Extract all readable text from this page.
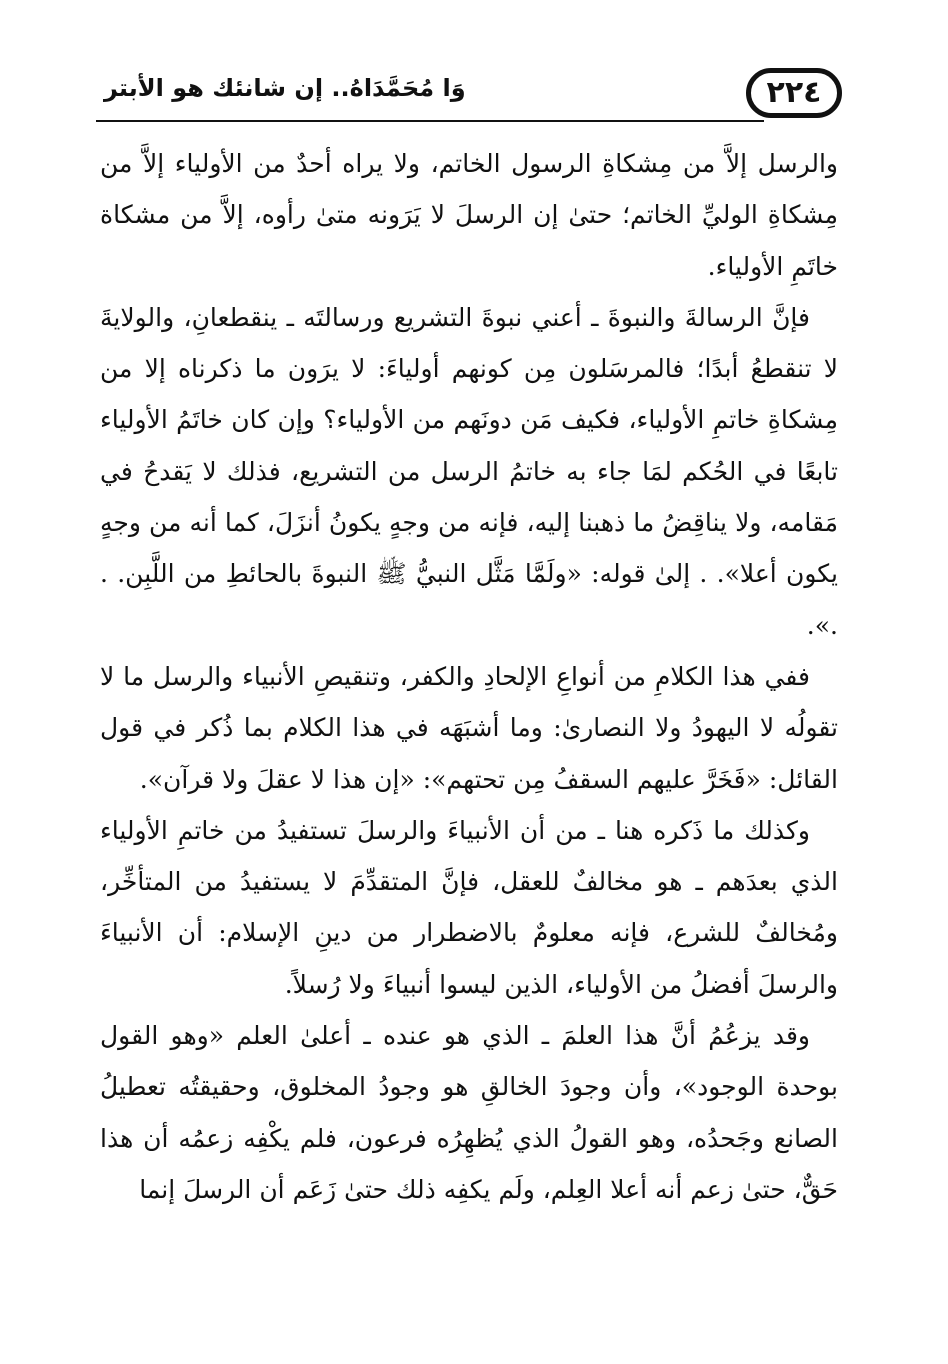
٢٢٤
وَا مُحَمَّدَاهُ.. إن شانئك هو الأبتر

والرسل إلاَّ من مِشكاةِ الرسول الخاتم، ولا يراه أحدٌ من الأولياء إلاَّ من مِشكاةِ الوليِّ الخاتم؛ حتىٰ إن الرسلَ لا يَرَونه متىٰ رأوه، إلاَّ من مشكاة خاتَمِ الأولياء.

فإنَّ الرسالةَ والنبوةَ ـ أعني نبوةَ التشريع ورسالتَه ـ ينقطعانِ، والولايةَ لا تنقطعُ أبدًا؛ فالمرسَلون مِن كونهم أولياءَ: لا يرَون ما ذكرناه إلا من مِشكاةِ خاتمِ الأولياء، فكيف مَن دونَهم من الأولياء؟ وإن كان خاتَمُ الأولياء تابعًا في الحُكم لمَا جاء به خاتمُ الرسل من التشريع، فذلك لا يَقدحُ في مَقامه، ولا يناقِضُ ما ذهبنا إليه، فإنه من وجهٍ يكونُ أنزَلَ، كما أنه من وجهٍ يكون أعلا». . إلىٰ قوله: «ولَمَّا مَثَّل النبيُّ ﷺ النبوةَ بالحائطِ من اللَّبِن. . .».

ففي هذا الكلامِ من أنواعِ الإلحادِ والكفر، وتنقيصِ الأنبياء والرسل ما لا تقولُه لا اليهودُ ولا النصارىٰ: وما أشبَهَه في هذا الكلام بما ذُكر في قول القائل: «فَخَرَّ عليهم السقفُ مِن تحتهم»: «إن هذا لا عقلَ ولا قرآن».

وكذلك ما ذَكره هنا ـ من أن الأنبياءَ والرسلَ تستفيدُ من خاتمِ الأولياء الذي بعدَهم ـ هو مخالفٌ للعقل، فإنَّ المتقدِّمَ لا يستفيدُ من المتأخِّر، ومُخالفٌ للشرع، فإنه معلومٌ بالاضطرار من دينِ الإسلام: أن الأنبياءَ والرسلَ أفضلُ من الأولياء، الذين ليسوا أنبياءَ ولا رُسلاً.

وقد يزعُمُ أنَّ هذا العلمَ ـ الذي هو عنده ـ أعلىٰ العلم «وهو القول بوحدة الوجود»، وأن وجودَ الخالقِ هو وجودُ المخلوق، وحقيقتُه تعطيلُ الصانع وجَحدُه، وهو القولُ الذي يُظهِرُه فرعون، فلم يكْفِه زعمُه أن هذا حَقٌّ، حتىٰ زعم أنه أعلا العِلم، ولَم يكفِه ذلك حتىٰ زَعَم أن الرسلَ إنما
